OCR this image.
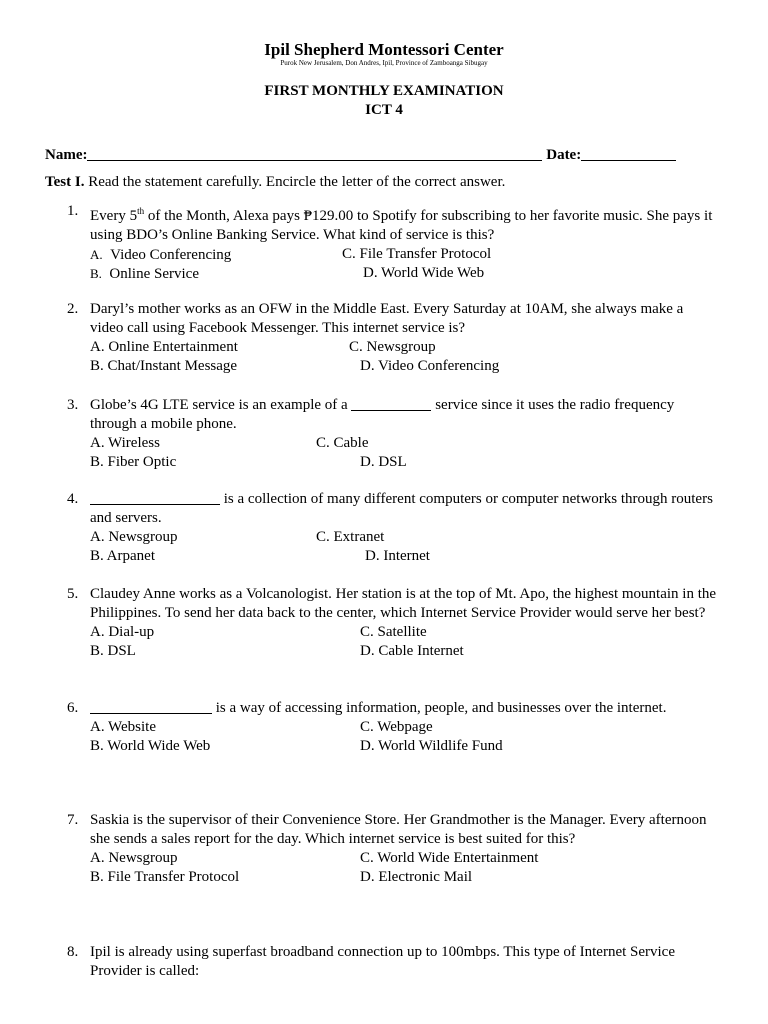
Ipil Shepherd Montessori Center
Purok New Jerusalem, Don Andres, Ipil, Province of Zamboanga Sibugay
FIRST MONTHLY EXAMINATION
ICT 4
Name:	Date:
Test I. Read the statement carefully. Encircle the letter of the correct answer.
1. Every 5th of the Month, Alexa pays ₱129.00 to Spotify for subscribing to her favorite music. She pays it using BDO’s Online Banking Service. What kind of service is this?
A. Video Conferencing	C. File Transfer Protocol
B. Online Service	D. World Wide Web
2. Daryl’s mother works as an OFW in the Middle East. Every Saturday at 10AM, she always make a video call using Facebook Messenger. This internet service is?
A. Online Entertainment	C. Newsgroup
B. Chat/Instant Message	D. Video Conferencing
3. Globe’s 4G LTE service is an example of a	service since it uses the radio frequency through a mobile phone.
A. Wireless	C. Cable
B. Fiber Optic	D. DSL
4.	is a collection of many different computers or computer networks through routers and servers.
A. Newsgroup	C. Extranet
B. Arpanet	D. Internet
5. Claudey Anne works as a Volcanologist. Her station is at the top of Mt. Apo, the highest mountain in the Philippines. To send her data back to the center, which Internet Service Provider would serve her best?
A. Dial-up	C. Satellite
B. DSL	D. Cable Internet
6.	is a way of accessing information, people, and businesses over the internet.
A. Website	C. Webpage
B. World Wide Web	D. World Wildlife Fund
7. Saskia is the supervisor of their Convenience Store. Her Grandmother is the Manager. Every afternoon she sends a sales report for the day. Which internet service is best suited for this?
A. Newsgroup	C. World Wide Entertainment
B. File Transfer Protocol	D. Electronic Mail
8. Ipil is already using superfast broadband connection up to 100mbps. This type of Internet Service Provider is called:
